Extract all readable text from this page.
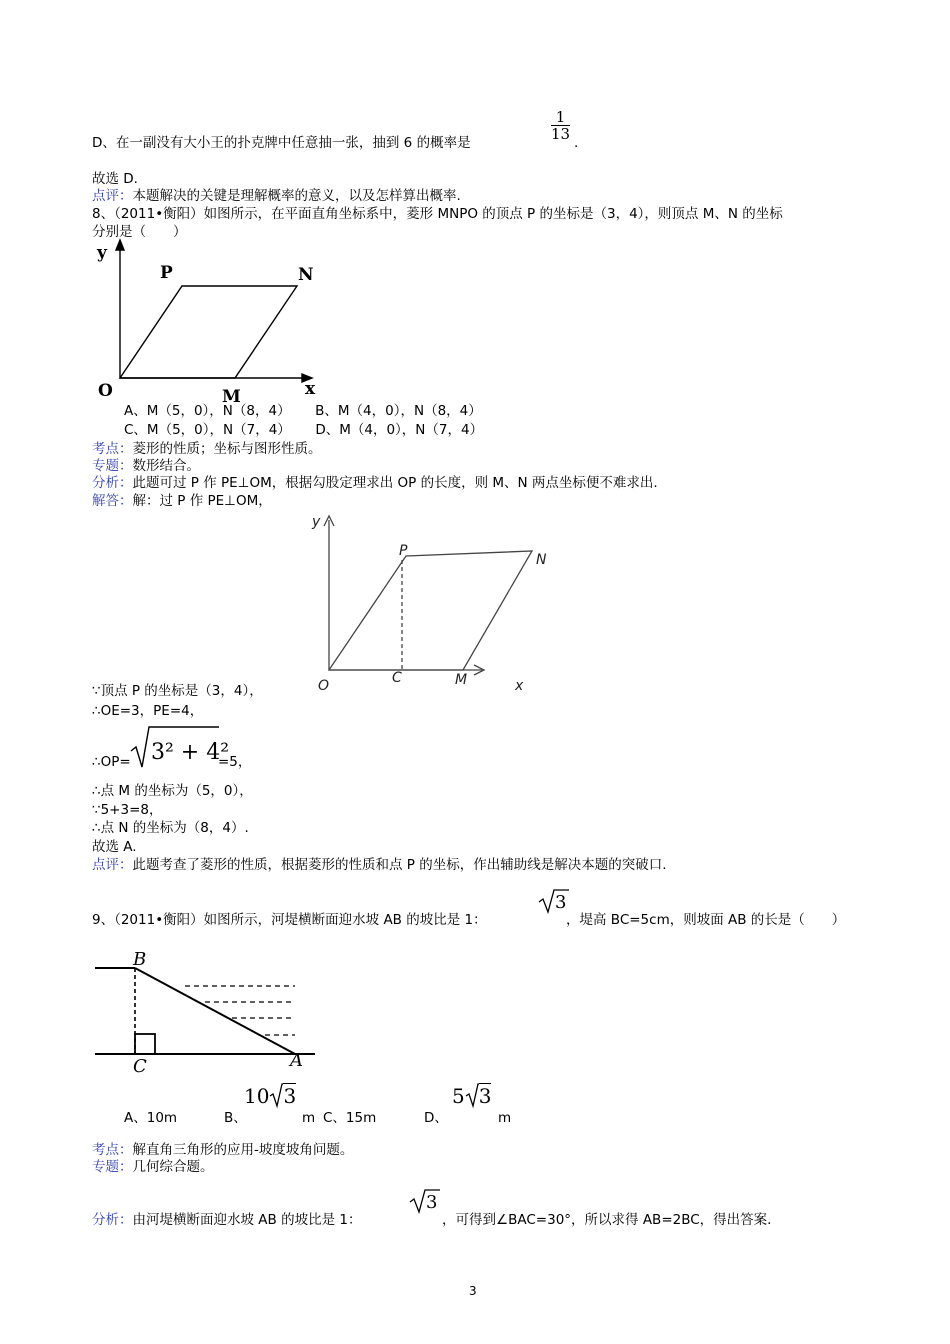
D、在一副没有大小王的扑克牌中任意抽一张，抽到 6 的概率是
$\frac{1}{13}$
.
故选 D.
点评：本题解决的关键是理解概率的意义，以及怎样算出概率.
8、（2011•衡阳）如图所示，在平面直角坐标系中，菱形 MNPO 的顶点 P 的坐标是（3，4），则顶点 M、N 的坐标
分别是（　　）
y
P	N
O	M	x
A、M（5，0），N（8，4）　　 B、M（4，0），N（8，4）
C、M（5，0），N（7，4）　　 D、M（4，0），N（7，4）
考点：菱形的性质；坐标与图形性质。
专题：数形结合。
分析：此题可过 P 作 PE⊥OM，根据勾股定理求出 OP 的长度，则 M、N 两点坐标便不难求出.
解答：解：过 P 作 PE⊥OM，
y
P
N
O	C	M	x
∵顶点 P 的坐标是（3，4），
∴OE=3，PE=4，
∴OP= 3² + 4²
=5，
∴点 M 的坐标为（5，0），
∵5+3=8，
∴点 N 的坐标为（8，4）.
故选 A.
点评：此题考查了菱形的性质，根据菱形的性质和点 P 的坐标，作出辅助线是解决本题的突破口.
9、（2011•衡阳）如图所示，河堤横断面迎水坡 AB 的坡比是 1：
3
，堤高 BC=5cm，则坡面 AB 的长是（　　）
B
C	A
A、10m	B、
10 3
m C、15m	D、
5 3
m
考点：解直角三角形的应用-坡度坡角问题。
专题：几何综合题。
分析：由河堤横断面迎水坡 AB 的坡比是 1：
3
，可得到∠BAC=30°，所以求得 AB=2BC，得出答案.
3
